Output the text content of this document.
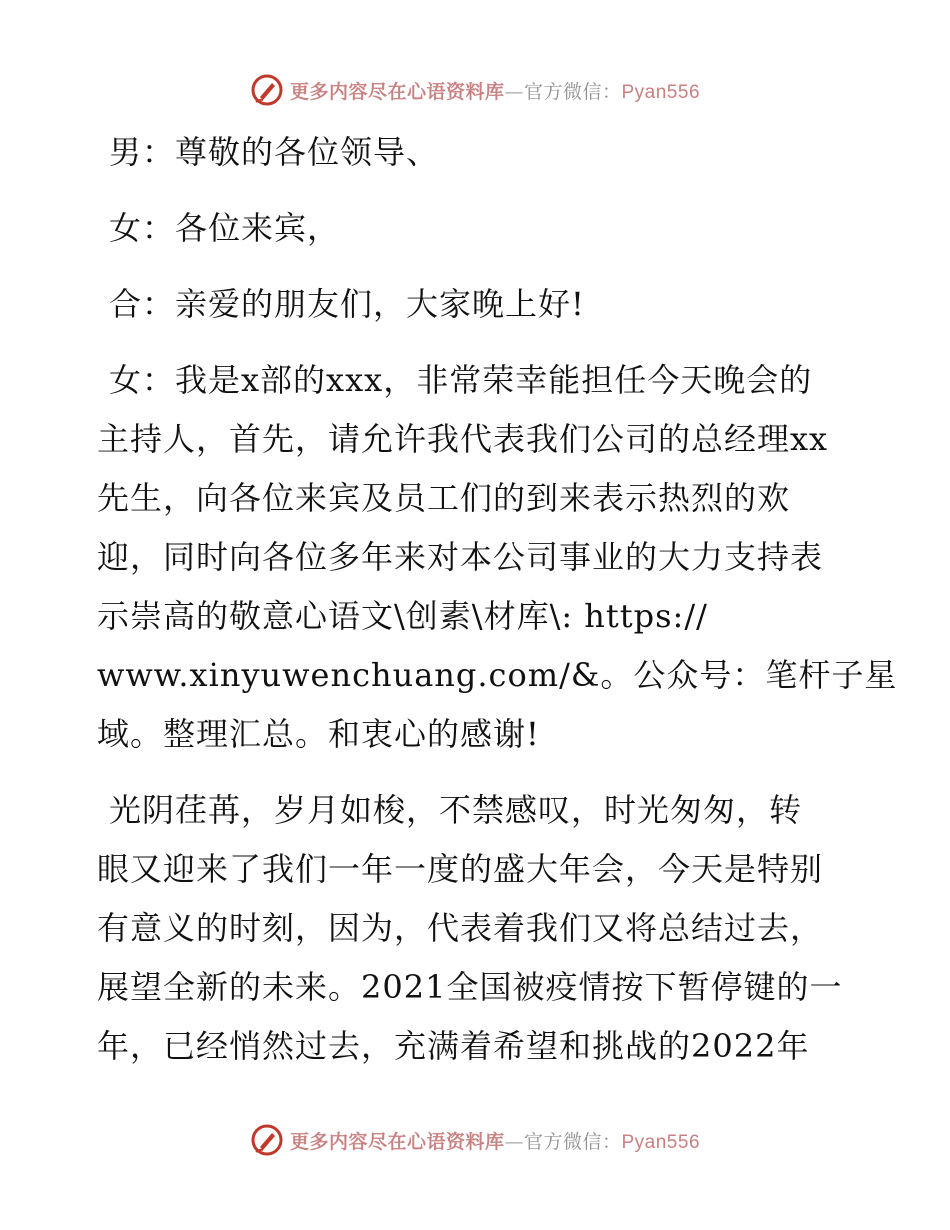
更多内容尽在心语资料库—官方微信：Pyan556
男：尊敬的各位领导、
女：各位来宾，
合：亲爱的朋友们，大家晚上好!
女：我是x部的xxx，非常荣幸能担任今天晚会的
主持人，首先，请允许我代表我们公司的总经理xx
先生，向各位来宾及员工们的到来表示热烈的欢
迎，同时向各位多年来对本公司事业的大力支持表
示崇高的敬意心语文\创素\材库\: https://
www.xinyuwenchuang.com/&。公众号：笔杆子星
域。整理汇总。和衷心的感谢!
光阴荏苒，岁月如梭，不禁感叹，时光匆匆，转
眼又迎来了我们一年一度的盛大年会，今天是特别
有意义的时刻，因为，代表着我们又将总结过去，
展望全新的未来。2021全国被疫情按下暂停键的一
年，已经悄然过去，充满着希望和挑战的2022年
更多内容尽在心语资料库—官方微信：Pyan556
